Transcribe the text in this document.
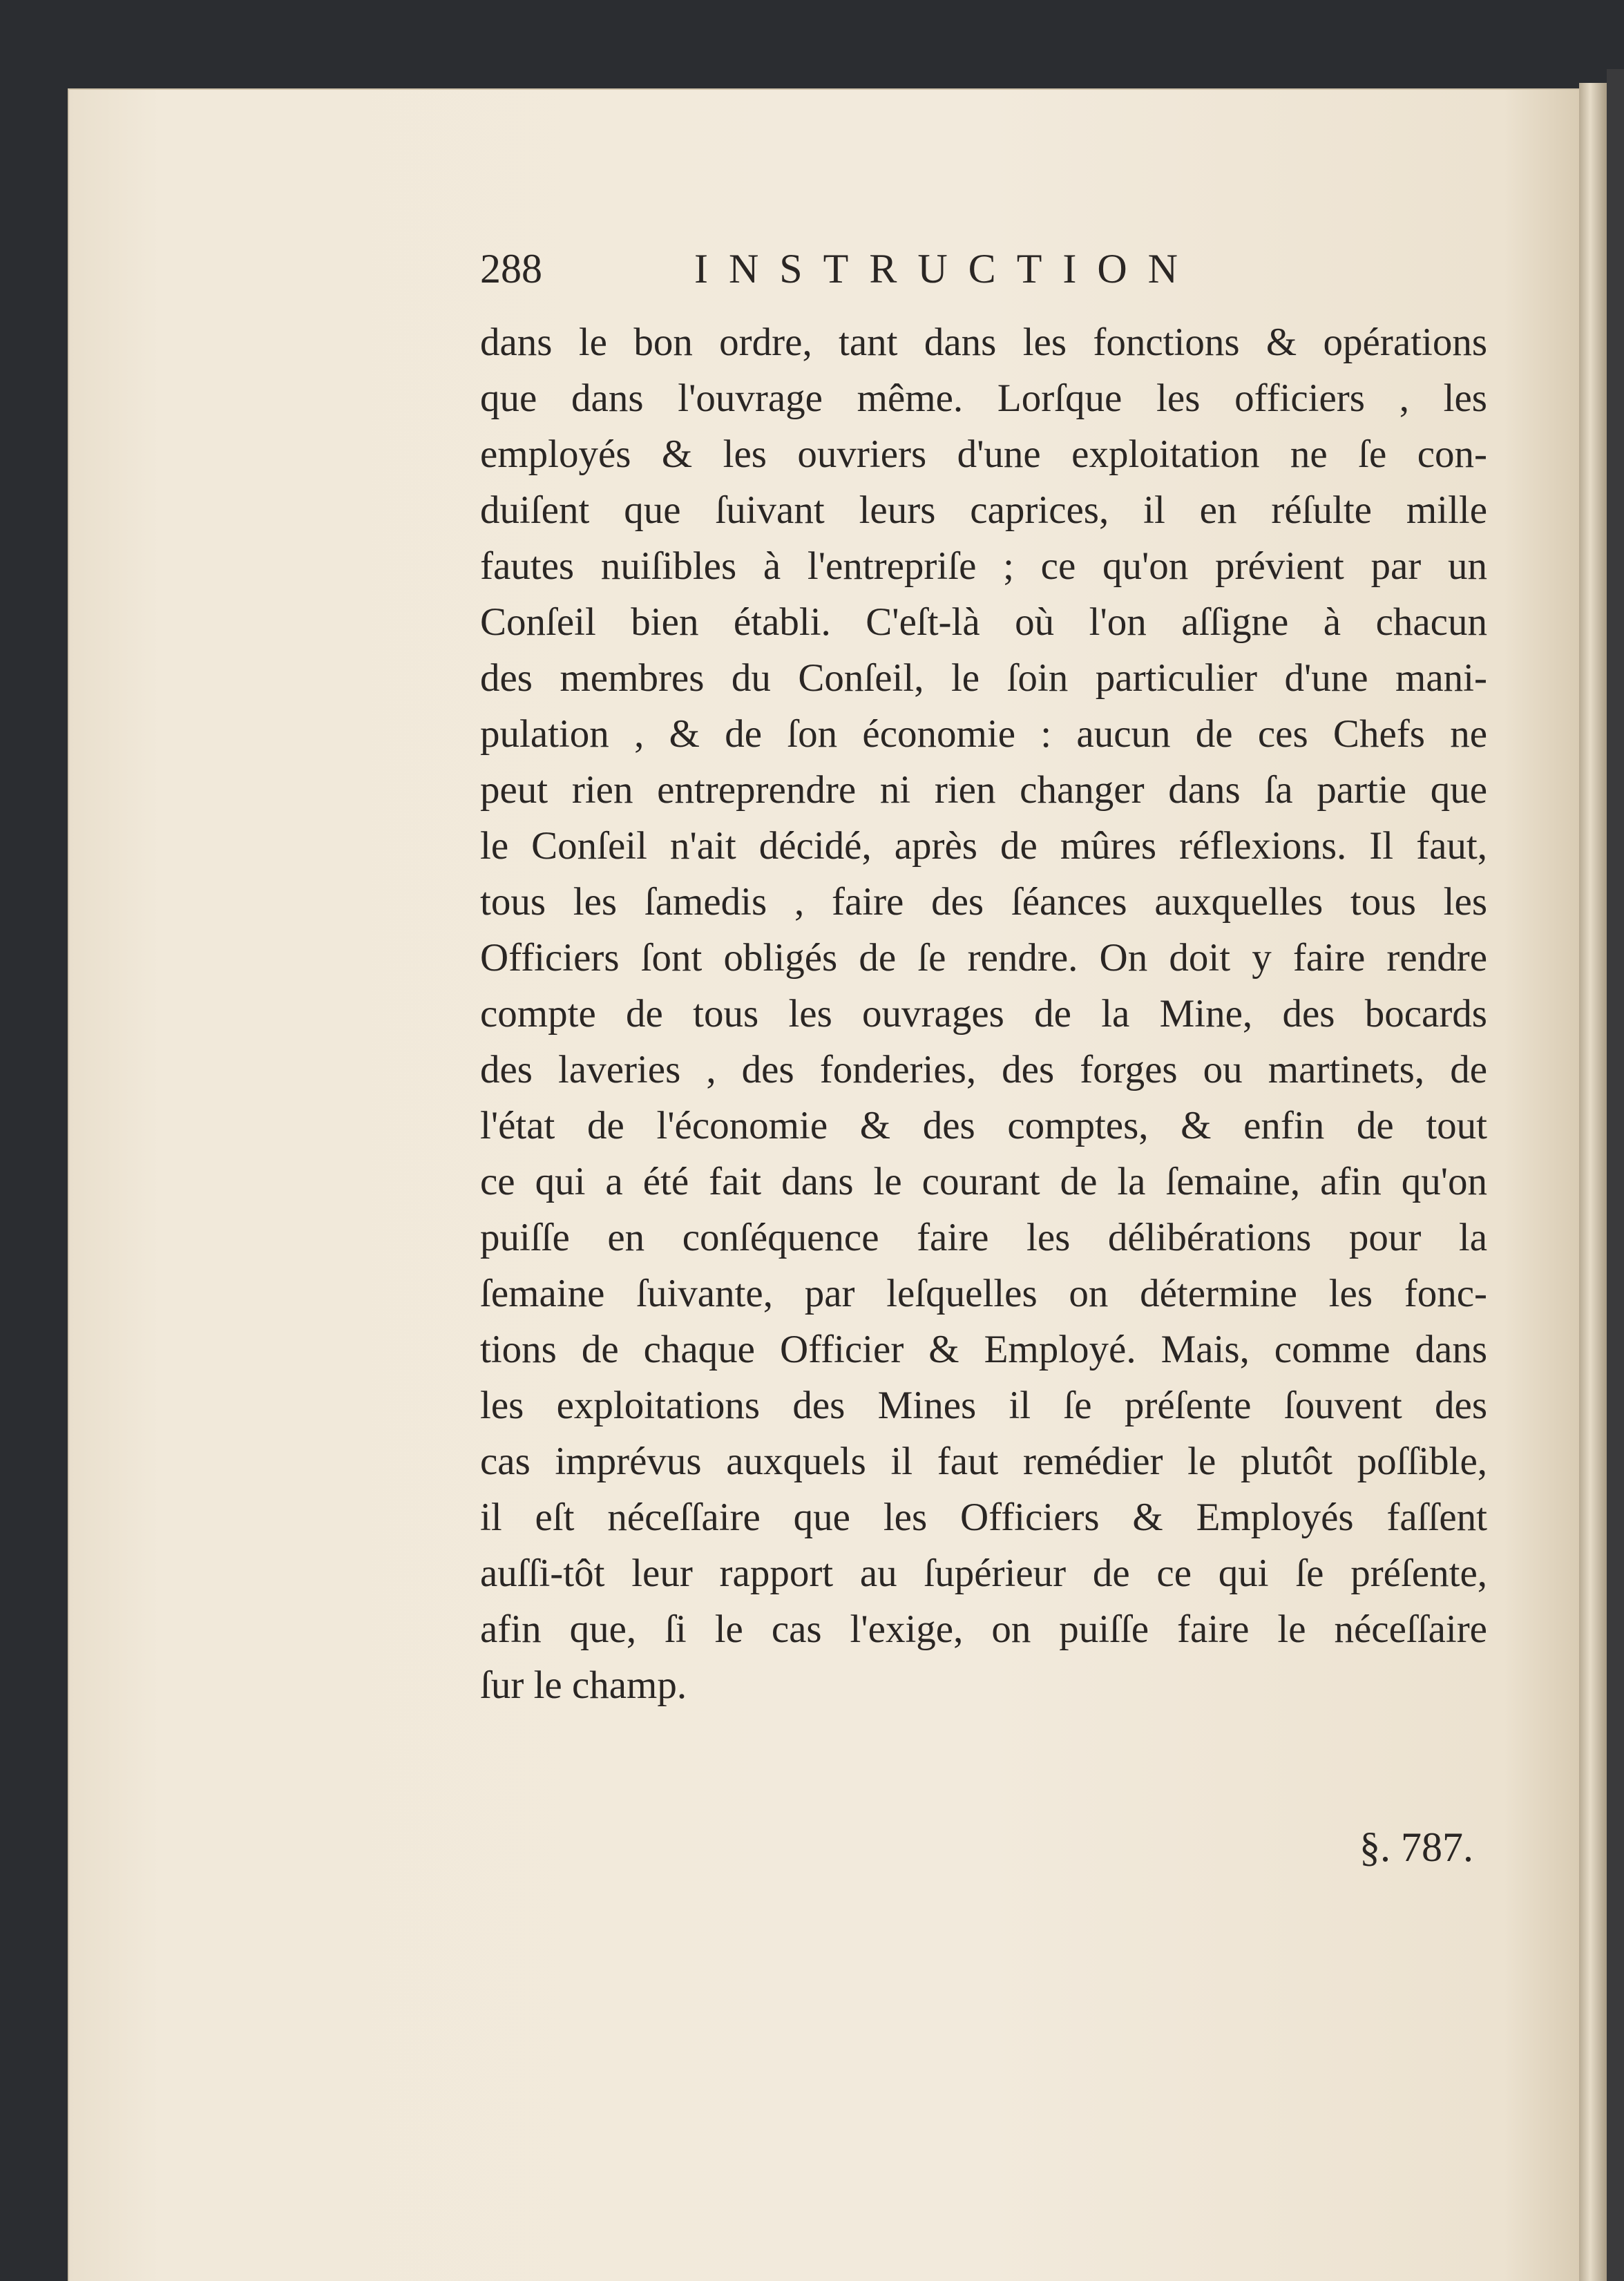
288	INSTRUCTION
dans le bon ordre, tant dans les fonctions & opérations
que dans l'ouvrage même. Lorſque les officiers , les
employés & les ouvriers d'une exploitation ne ſe con-
duiſent que ſuivant leurs caprices, il en réſulte mille
fautes nuiſibles à l'entrepriſe ; ce qu'on prévient par un
Conſeil bien établi. C'eſt-là où l'on aſſigne à chacun
des membres du Conſeil, le ſoin particulier d'une mani-
pulation , & de ſon économie : aucun de ces Chefs ne
peut rien entreprendre ni rien changer dans ſa partie que
le Conſeil n'ait décidé, après de mûres réflexions. Il faut,
tous les ſamedis , faire des ſéances auxquelles tous les
Officiers ſont obligés de ſe rendre. On doit y faire rendre
compte de tous les ouvrages de la Mine, des bocards
des laveries , des fonderies, des forges ou martinets, de
l'état de l'économie & des comptes, & enfin de tout
ce qui a été fait dans le courant de la ſemaine, afin qu'on
puiſſe en conſéquence faire les délibérations pour la
ſemaine ſuivante, par leſquelles on détermine les fonc-
tions de chaque Officier & Employé. Mais, comme dans
les exploitations des Mines il ſe préſente ſouvent des
cas imprévus auxquels il faut remédier le plutôt poſſible,
il eſt néceſſaire que les Officiers & Employés faſſent
auſſi-tôt leur rapport au ſupérieur de ce qui ſe préſente,
afin que, ſi le cas l'exige, on puiſſe faire le néceſſaire
ſur le champ.
§. 787.
